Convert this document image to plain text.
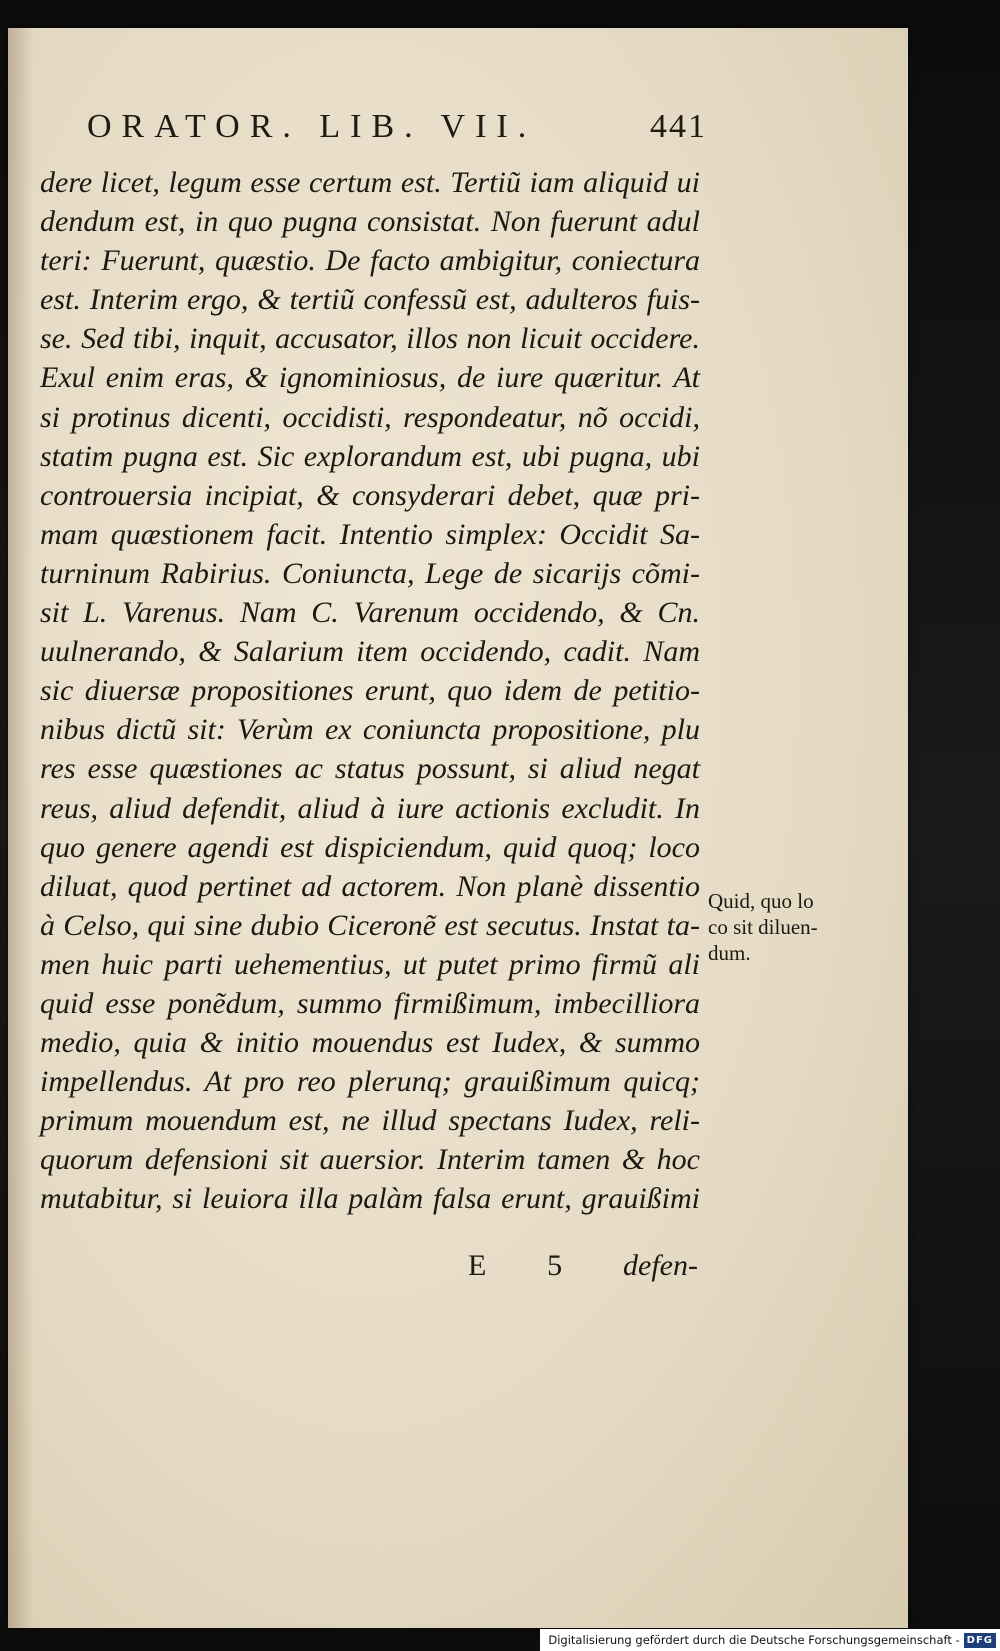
ORATOR. LIB. VII.	441
dere licet, legum esse certum est. Tertiũ iam aliquid ui
dendum est, in quo pugna consistat. Non fuerunt adul
teri: Fuerunt, quæstio. De facto ambigitur, coniectura
est. Interim ergo, & tertiũ confessũ est, adulteros fuis-
se. Sed tibi, inquit, accusator, illos non licuit occidere.
Exul enim eras, & ignominiosus, de iure quæritur. At
si protinus dicenti, occidisti, respondeatur, nõ occidi,
statim pugna est. Sic explorandum est, ubi pugna, ubi
controuersia incipiat, & consyderari debet, quæ pri-
mam quæstionem facit. Intentio simplex: Occidit Sa-
turninum Rabirius. Coniuncta, Lege de sicarijs cõmi-
sit L. Varenus. Nam C. Varenum occidendo, & Cn.
uulnerando, & Salarium item occidendo, cadit. Nam
sic diuersæ propositiones erunt, quo idem de petitio-
nibus dictũ sit: Verùm ex coniuncta propositione, plu
res esse quæstiones ac status possunt, si aliud negat
reus, aliud defendit, aliud à iure actionis excludit. In
quo genere agendi est dispiciendum, quid quoq; loco
diluat, quod pertinet ad actorem. Non planè dissentio
à Celso, qui sine dubio Ciceronẽ est secutus. Instat ta-
men huic parti uehementius, ut putet primo firmũ ali
quid esse ponẽdum, summo firmißimum, imbecilliora
medio, quia & initio mouendus est Iudex, & summo
impellendus. At pro reo plerunq; grauißimum quicq;
primum mouendum est, ne illud spectans Iudex, reli-
quorum defensioni sit auersior. Interim tamen & hoc
mutabitur, si leuiora illa palàm falsa erunt, grauißimi
Quid, quo lo
co sit diluen-
dum.
E 5 defen-
Digitalisierung gefördert durch die Deutsche Forschungsgemeinschaft - DFG
